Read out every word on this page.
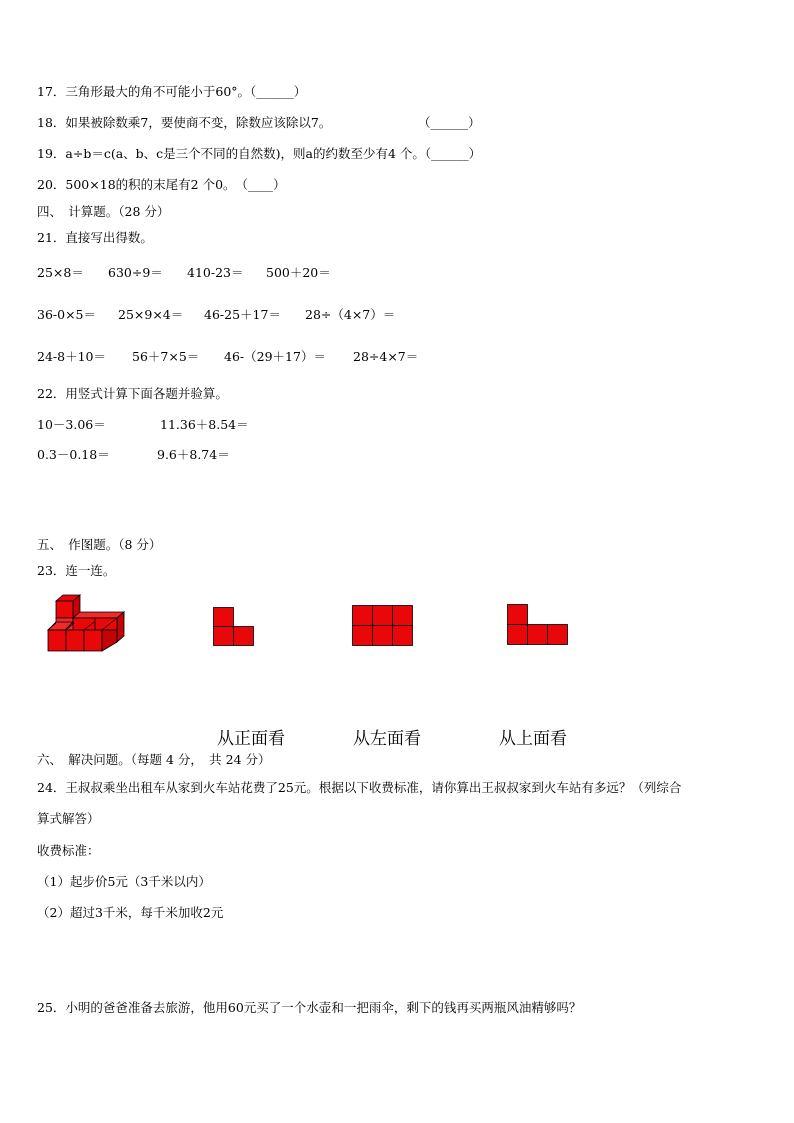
17．三角形最大的角不可能小于60°。（______）
18．如果被除数乘7，要使商不变，除数应该除以7。	（______）
19．a÷b＝c(a、b、c是三个不同的自然数)，则a的约数至少有4 个。（______）
20．500×18的积的末尾有2 个0。　（____）
四、　计算题。（28 分）
21．直接写出得数。
25×8＝ 630÷9＝ 410-23＝ 500＋20＝
36-0×5＝ 25×9×4＝ 46-25＋17＝ 28÷（4×7）＝
24-8＋10＝ 56＋7×5＝ 46-（29＋17）＝ 28÷4×7＝
22．用竖式计算下面各题并验算。
10－3.06＝	11.36＋8.54＝
0.3－0.18＝	9.6＋8.74＝
五、　作图题。（8 分）
23．连一连。
从正面看	从左面看	从上面看
六、　解决问题。（每题 4 分，　共 24 分）
24．王叔叔乘坐出租车从家到火车站花费了25元。根据以下收费标准，请你算出王叔叔家到火车站有多远？（列综合
算式解答）
收费标准：
（1）起步价5元（3千米以内）
（2）超过3千米，每千米加收2元
25．小明的爸爸准备去旅游，他用60元买了一个水壶和一把雨伞，剩下的钱再买两瓶风油精够吗？
